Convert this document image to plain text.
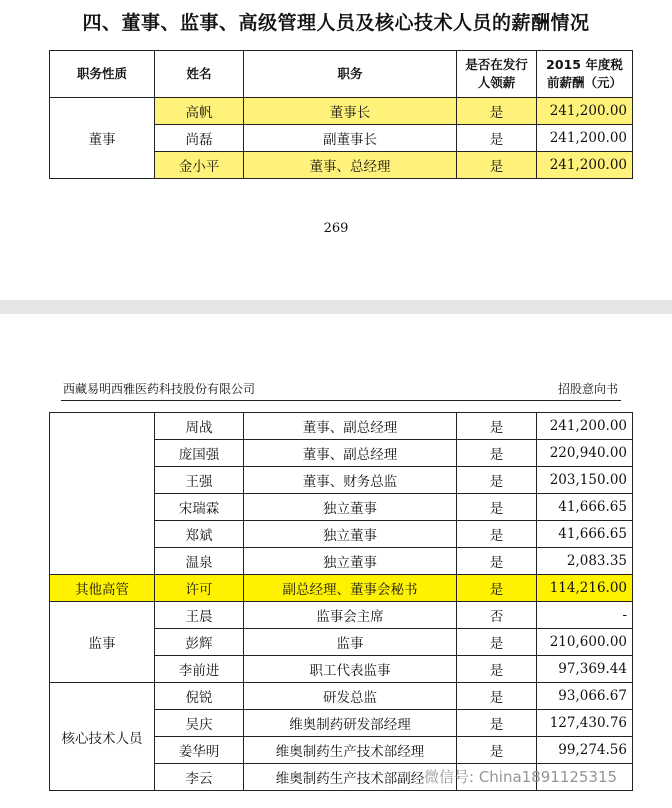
四、董事、监事、高级管理人员及核心技术人员的薪酬情况
职务性质	姓名	职务	是否在发行人领薪	2015 年度税前薪酬（元）
董事	高帆	董事长	是	241,200.00
	尚磊	副董事长	是	241,200.00
	金小平	董事、总经理	是	241,200.00
269
西藏易明西雅医药科技股份有限公司	招股意向书
	周战	董事、副总经理	是	241,200.00
	庞国强	董事、副总经理	是	220,940.00
	王强	董事、财务总监	是	203,150.00
	宋瑞霖	独立董事	是	41,666.65
	郑斌	独立董事	是	41,666.65
	温泉	独立董事	是	2,083.35
其他高管	许可	副总经理、董事会秘书	是	114,216.00
监事	王晨	监事会主席	否	-
	彭辉	监事	是	210,600.00
	李前进	职工代表监事	是	97,369.44
核心技术人员	倪锐	研发总监	是	93,066.67
	吴庆	维奥制药研发部经理	是	127,430.76
	姜华明	维奥制药生产技术部经理	是	99,274.56
	李云	维奥制药生产技术部副经		微信号: China1891125315
